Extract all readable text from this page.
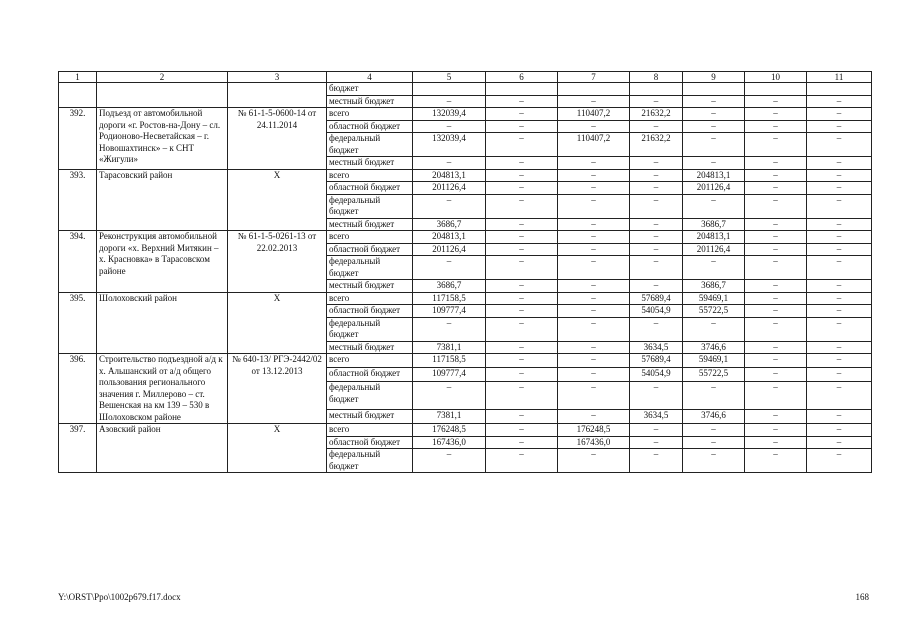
1	2	3	4	5	6	7	8	9	10	11
			бюджет							
			местный бюджет	–	–	–	–	–	–	–
392.	Подъезд от автомобильной дороги «г. Ростов-на-Дону – сл. Родионово-Несветайская – г. Новошахтинск» – к СНТ «Жигули»	№ 61-1-5-0600-14 от 24.11.2014	всего	132039,4	–	110407,2	21632,2	–	–	–
			областной бюджет	–	–	–	–	–	–	–
			федеральный бюджет	132039,4	–	110407,2	21632,2	–	–	–
			местный бюджет	–	–	–	–	–	–	–
393.	Тарасовский район	Х	всего	204813,1	–	–	–	204813,1	–	–
			областной бюджет	201126,4	–	–	–	201126,4	–	–
			федеральный бюджет	–	–	–	–	–	–	–
			местный бюджет	3686,7	–	–	–	3686,7	–	–
394.	Реконструкция автомобильной дороги «х. Верхний Митякин – х. Красновка» в Тарасовском районе	№ 61-1-5-0261-13 от 22.02.2013	всего	204813,1	–	–	–	204813,1	–	–
			областной бюджет	201126,4	–	–	–	201126,4	–	–
			федеральный бюджет	–	–	–	–	–	–	–
			местный бюджет	3686,7	–	–	–	3686,7	–	–
395.	Шолоховский район	Х	всего	117158,5	–	–	57689,4	59469,1	–	–
			областной бюджет	109777,4	–	–	54054,9	55722,5	–	–
			федеральный бюджет	–	–	–	–	–	–	–
			местный бюджет	7381,1	–	–	3634,5	3746,6	–	–
396.	Строительство подъездной а/д к х. Альшанский от а/д общего пользования регионального значения г. Миллерово – ст. Вешенская на км 139 – 530 в Шолоховском районе	№ 640-13/ РГЭ-2442/02 от 13.12.2013	всего	117158,5	–	–	57689,4	59469,1	–	–
			областной бюджет	109777,4	–	–	54054,9	55722,5	–	–
			федеральный бюджет	–	–	–	–	–	–	–
			местный бюджет	7381,1	–	–	3634,5	3746,6	–	–
397.	Азовский район	Х	всего	176248,5	–	176248,5	–	–	–	–
			областной бюджет	167436,0	–	167436,0	–	–	–	–
			федеральный бюджет	–	–	–	–	–	–	–
Y:\ORST\Ppo\1002p679.f17.docx	168
